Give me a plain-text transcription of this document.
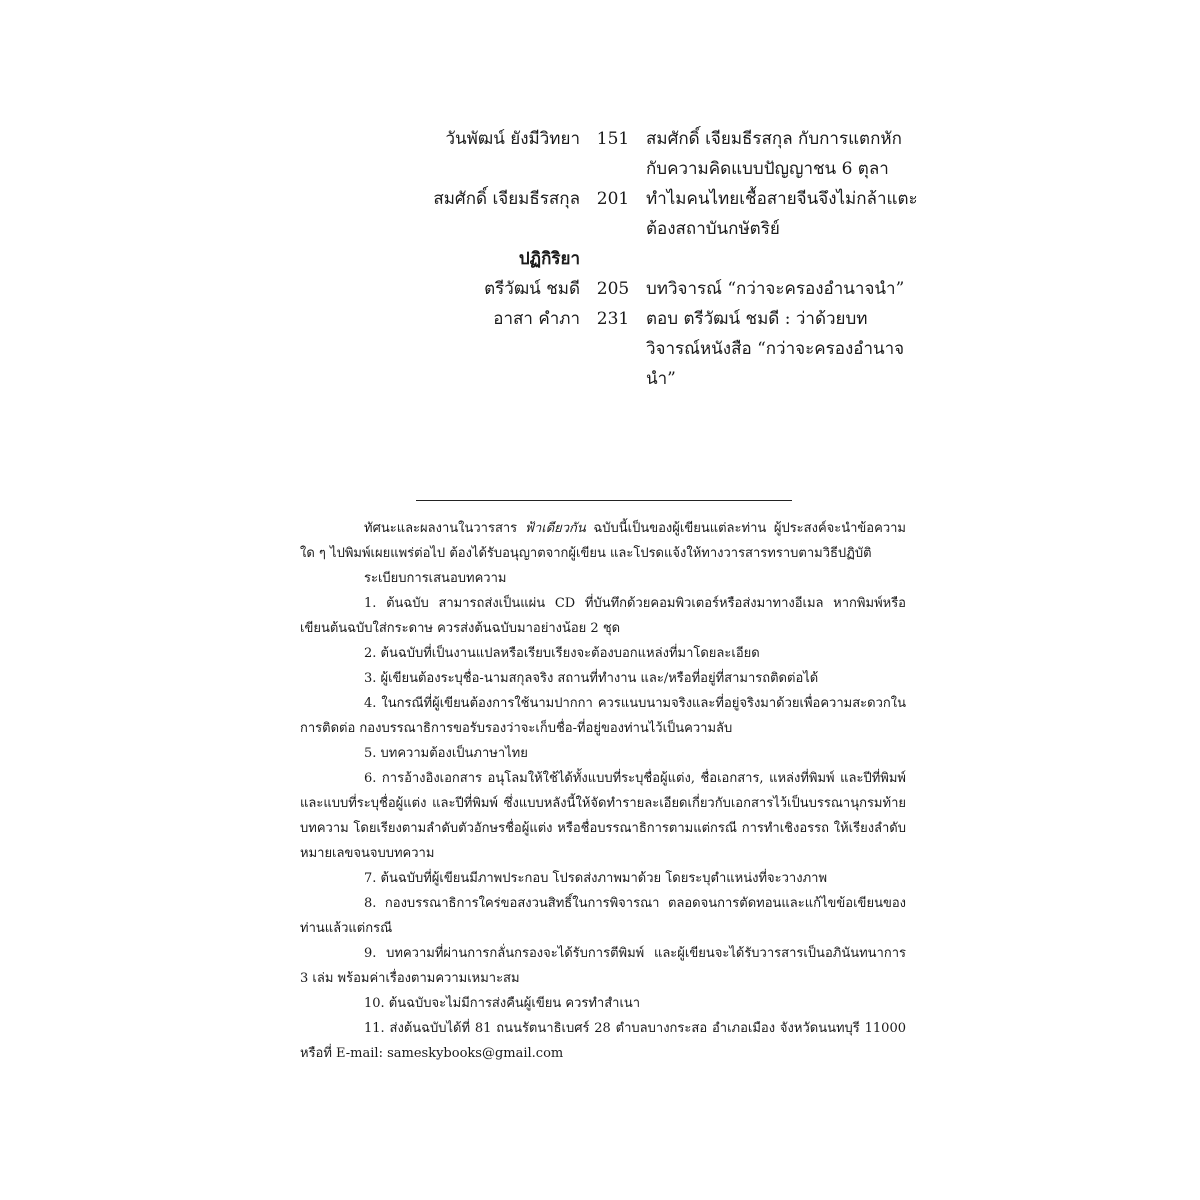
วันพัฒน์ ยังมีวิทยา 151 สมศักดิ์ เจียมธีรสกุล กับการแตกหักกับความคิดแบบปัญญาชน 6 ตุลา
สมศักดิ์ เจียมธีรสกุล 201 ทำไมคนไทยเชื้อสายจีนจึงไม่กล้าแตะต้องสถาบันกษัตริย์
ปฏิกิริยา
ตรีวัฒน์ ชมดี 205 บทวิจารณ์ “กว่าจะครองอำนาจนำ”
อาสา คำภา 231 ตอบ ตรีวัฒน์ ชมดี : ว่าด้วยบทวิจารณ์หนังสือ “กว่าจะครองอำนาจนำ”

ทัศนะและผลงานในวารสาร ฟ้าเดียวกัน ฉบับนี้เป็นของผู้เขียนแต่ละท่าน ผู้ประสงค์จะนำข้อความใด ๆ ไปพิมพ์เผยแพร่ต่อไป ต้องได้รับอนุญาตจากผู้เขียน และโปรดแจ้งให้ทางวารสารทราบตามวิธีปฏิบัติ

ระเบียบการเสนอบทความ

1. ต้นฉบับ สามารถส่งเป็นแผ่น CD ที่บันทึกด้วยคอมพิวเตอร์หรือส่งมาทางอีเมล หากพิมพ์หรือเขียนต้นฉบับใส่กระดาษ ควรส่งต้นฉบับมาอย่างน้อย 2 ชุด

2. ต้นฉบับที่เป็นงานแปลหรือเรียบเรียงจะต้องบอกแหล่งที่มาโดยละเอียด

3. ผู้เขียนต้องระบุชื่อ-นามสกุลจริง สถานที่ทำงาน และ/หรือที่อยู่ที่สามารถติดต่อได้

4. ในกรณีที่ผู้เขียนต้องการใช้นามปากกา ควรแนบนามจริงและที่อยู่จริงมาด้วยเพื่อความสะดวกในการติดต่อ กองบรรณาธิการขอรับรองว่าจะเก็บชื่อ-ที่อยู่ของท่านไว้เป็นความลับ

5. บทความต้องเป็นภาษาไทย

6. การอ้างอิงเอกสาร อนุโลมให้ใช้ได้ทั้งแบบที่ระบุชื่อผู้แต่ง, ชื่อเอกสาร, แหล่งที่พิมพ์ และปีที่พิมพ์ และแบบที่ระบุชื่อผู้แต่ง และปีที่พิมพ์ ซึ่งแบบหลังนี้ให้จัดทำรายละเอียดเกี่ยวกับเอกสารไว้เป็นบรรณานุกรมท้ายบทความ โดยเรียงตามลำดับตัวอักษรชื่อผู้แต่ง หรือชื่อบรรณาธิการตามแต่กรณี การทำเชิงอรรถ ให้เรียงลำดับหมายเลขจนจบบทความ

7. ต้นฉบับที่ผู้เขียนมีภาพประกอบ โปรดส่งภาพมาด้วย โดยระบุตำแหน่งที่จะวางภาพ

8. กองบรรณาธิการใคร่ขอสงวนสิทธิ์ในการพิจารณา ตลอดจนการตัดทอนและแก้ไขข้อเขียนของท่านแล้วแต่กรณี

9. บทความที่ผ่านการกลั่นกรองจะได้รับการตีพิมพ์ และผู้เขียนจะได้รับวารสารเป็นอภินันทนาการ 3 เล่ม พร้อมค่าเรื่องตามความเหมาะสม

10. ต้นฉบับจะไม่มีการส่งคืนผู้เขียน ควรทำสำเนา

11. ส่งต้นฉบับได้ที่ 81 ถนนรัตนาธิเบศร์ 28 ตำบลบางกระสอ อำเภอเมือง จังหวัดนนทบุรี 11000 หรือที่ E-mail: sameskybooks@gmail.com
